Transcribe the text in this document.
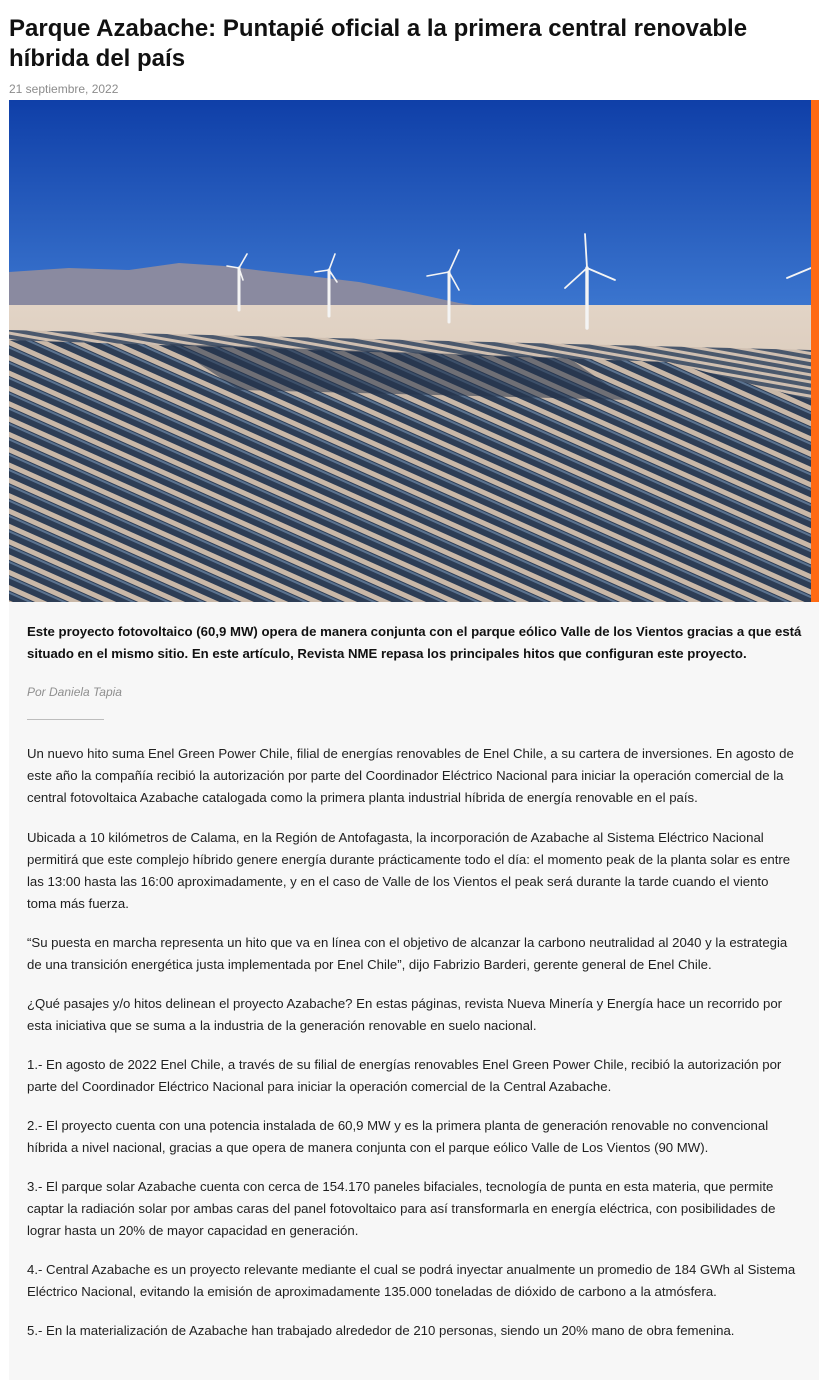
Parque Azabache: Puntapié oficial a la primera central renovable híbrida del país
21 septiembre, 2022

Este proyecto fotovoltaico (60,9 MW) opera de manera conjunta con el parque eólico Valle de los Vientos gracias a que está situado en el mismo sitio. En este artículo, Revista NME repasa los principales hitos que configuran este proyecto.

Por Daniela Tapia

Un nuevo hito suma Enel Green Power Chile, filial de energías renovables de Enel Chile, a su cartera de inversiones. En agosto de este año la compañía recibió la autorización por parte del Coordinador Eléctrico Nacional para iniciar la operación comercial de la central fotovoltaica Azabache catalogada como la primera planta industrial híbrida de energía renovable en el país.

Ubicada a 10 kilómetros de Calama, en la Región de Antofagasta, la incorporación de Azabache al Sistema Eléctrico Nacional permitirá que este complejo híbrido genere energía durante prácticamente todo el día: el momento peak de la planta solar es entre las 13:00 hasta las 16:00 aproximadamente, y en el caso de Valle de los Vientos el peak será durante la tarde cuando el viento toma más fuerza.

“Su puesta en marcha representa un hito que va en línea con el objetivo de alcanzar la carbono neutralidad al 2040 y la estrategia de una transición energética justa implementada por Enel Chile”, dijo Fabrizio Barderi, gerente general de Enel Chile.

¿Qué pasajes y/o hitos delinean el proyecto Azabache? En estas páginas, revista Nueva Minería y Energía hace un recorrido por esta iniciativa que se suma a la industria de la generación renovable en suelo nacional.

1.- En agosto de 2022 Enel Chile, a través de su filial de energías renovables Enel Green Power Chile, recibió la autorización por parte del Coordinador Eléctrico Nacional para iniciar la operación comercial de la Central Azabache.

2.- El proyecto cuenta con una potencia instalada de 60,9 MW y es la primera planta de generación renovable no convencional híbrida a nivel nacional, gracias a que opera de manera conjunta con el parque eólico Valle de Los Vientos (90 MW).

3.- El parque solar Azabache cuenta con cerca de 154.170 paneles bifaciales, tecnología de punta en esta materia, que permite captar la radiación solar por ambas caras del panel fotovoltaico para así transformarla en energía eléctrica, con posibilidades de lograr hasta un 20% de mayor capacidad en generación.

4.- Central Azabache es un proyecto relevante mediante el cual se podrá inyectar anualmente un promedio de 184 GWh al Sistema Eléctrico Nacional, evitando la emisión de aproximadamente 135.000 toneladas de dióxido de carbono a la atmósfera.

5.- En la materialización de Azabache han trabajado alrededor de 210 personas, siendo un 20% mano de obra femenina.
